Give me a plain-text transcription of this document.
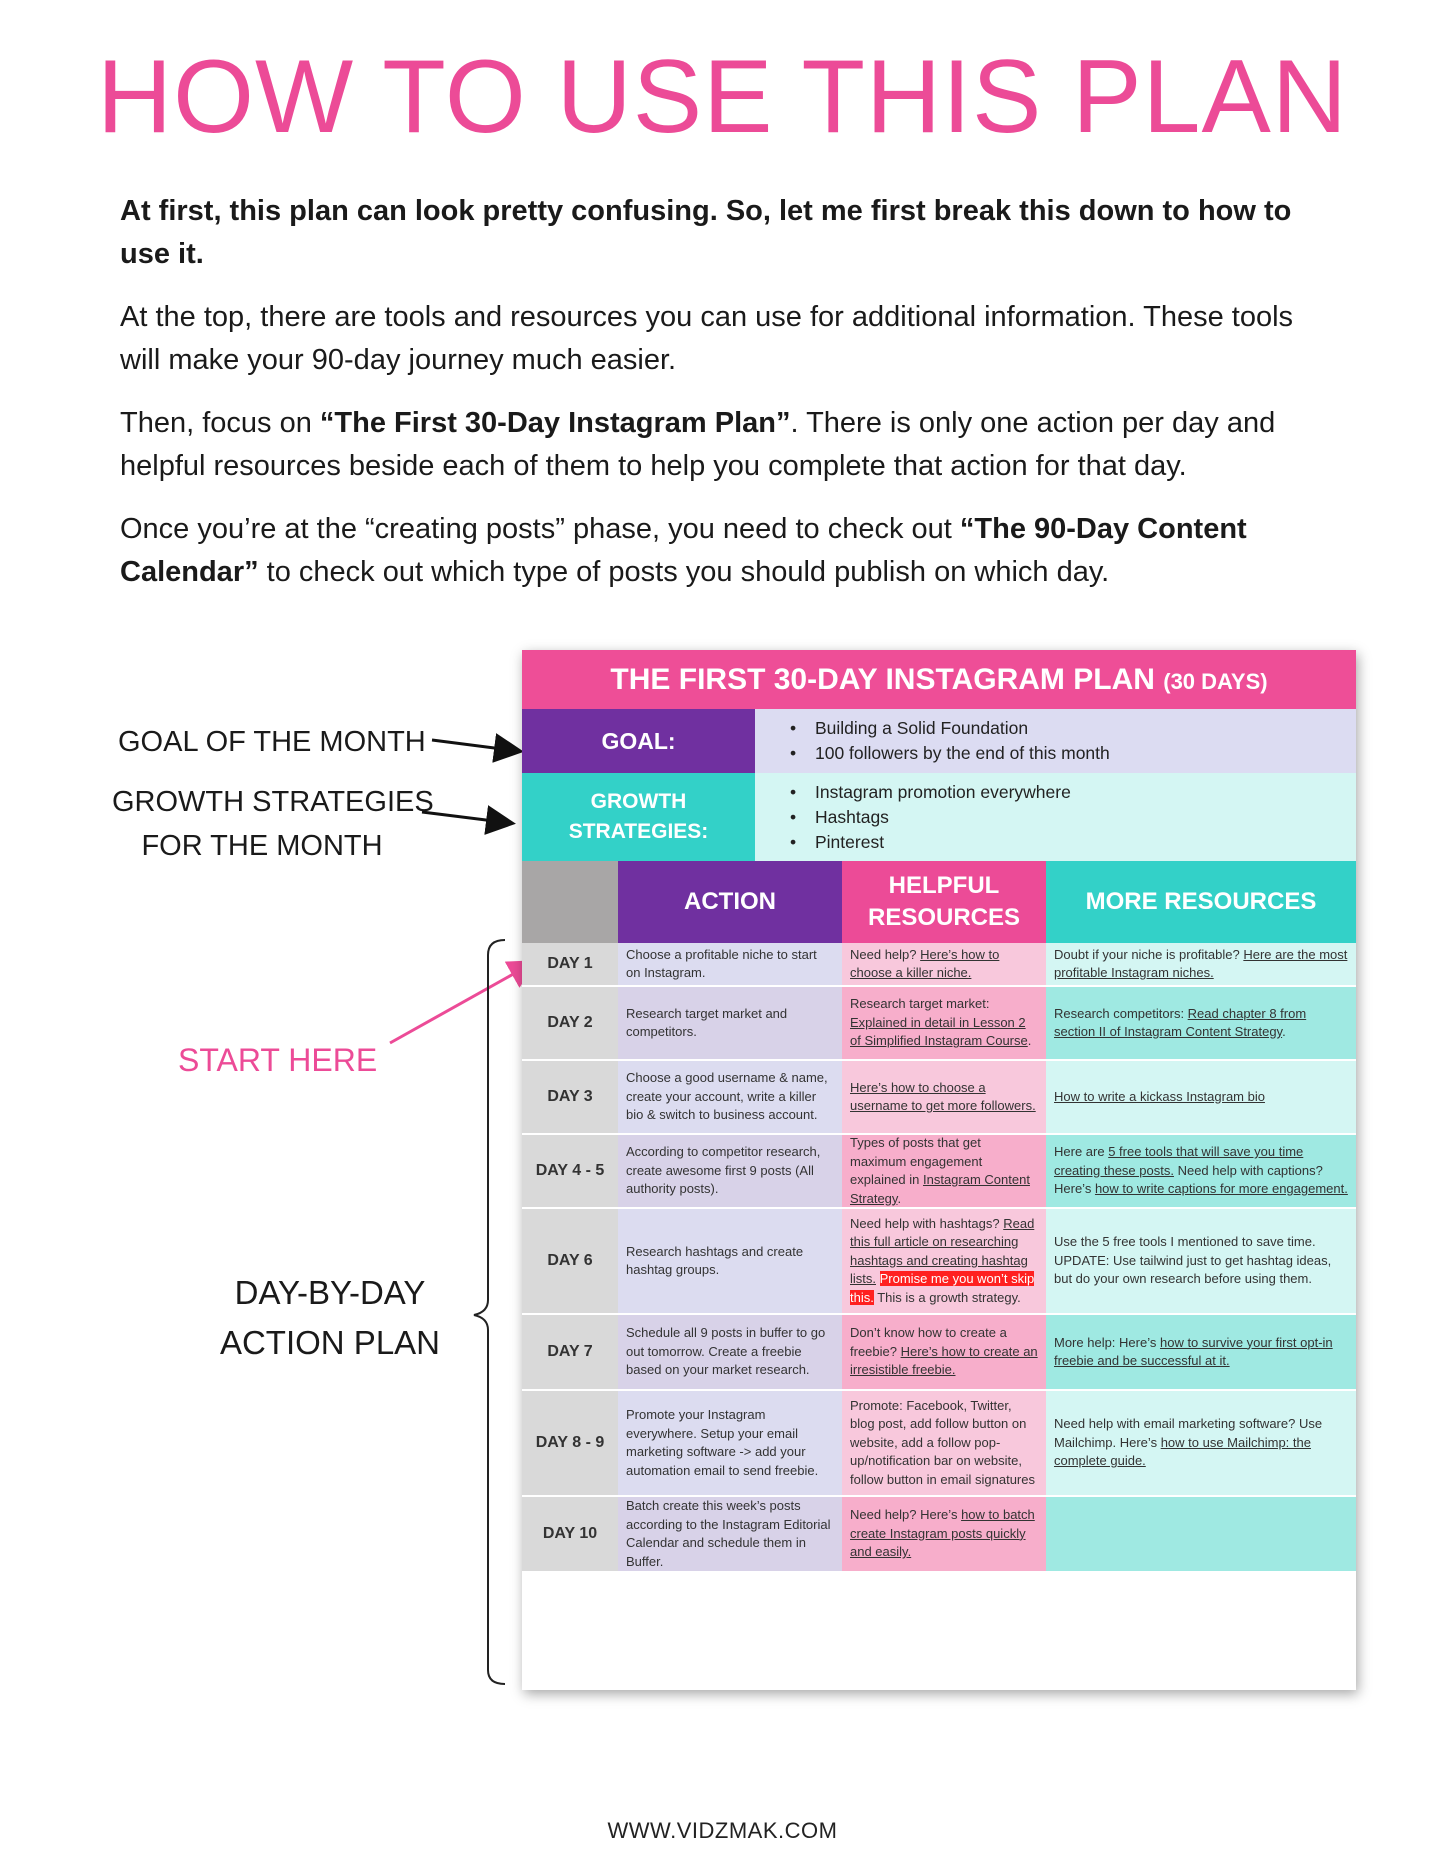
HOW TO USE THIS PLAN

At first, this plan can look pretty confusing. So, let me first break this down to how to use it.

At the top, there are tools and resources you can use for additional information. These tools will make your 90-day journey much easier.

Then, focus on “The First 30-Day Instagram Plan”. There is only one action per day and helpful resources beside each of them to help you complete that action for that day.

Once you’re at the “creating posts” phase, you need to check out “The 90-Day Content Calendar” to check out which type of posts you should publish on which day.

GOAL OF THE MONTH
GROWTH STRATEGIES
FOR THE MONTH
START HERE
DAY-BY-DAY
ACTION PLAN
THE FIRST 30-DAY INSTAGRAM PLAN (30 DAYS)
GOAL:
•	Building a Solid Foundation
• 100 followers by the end of this month
GROWTH
STRATEGIES:
• Instagram promotion everywhere
• Hashtags
• Pinterest
ACTION
HELPFUL
RESOURCES
MORE RESOURCES
DAY 1
Choose a profitable niche to start on Instagram.
Need help? Here’s how to choose a killer niche.
Doubt if your niche is profitable? Here are the most profitable Instagram niches.
DAY 2
Research target market and competitors.
Research target market: Explained in detail in Lesson 2 of Simplified Instagram Course.
Research competitors: Read chapter 8 from section II of Instagram Content Strategy.
DAY 3
Choose a good username & name, create your account, write a killer bio & switch to business account.
Here’s how to choose a username to get more followers.
How to write a kickass Instagram bio
DAY 4 - 5
According to competitor research, create awesome first 9 posts (All authority posts).
Types of posts that get maximum engagement explained in Instagram Content Strategy.
Here are 5 free tools that will save you time creating these posts. Need help with captions? Here’s how to write captions for more engagement.
DAY 6
Research hashtags and create hashtag groups.
Need help with hashtags? Read this full article on researching hashtags and creating hashtag lists. Promise me you won’t skip this. This is a growth strategy.
Use the 5 free tools I mentioned to save time. UPDATE: Use tailwind just to get hashtag ideas, but do your own research before using them.
DAY 7
Schedule all 9 posts in buffer to go out tomorrow. Create a freebie based on your market research.
Don’t know how to create a freebie? Here’s how to create an irresistible freebie.
More help: Here’s how to survive your first opt-in freebie and be successful at it.
DAY 8 - 9
Promote your Instagram everywhere. Setup your email marketing software -> add your automation email to send freebie.
Promote: Facebook, Twitter, blog post, add follow button on website, add a follow pop-up/notification bar on website, follow button in email signatures
Need help with email marketing software? Use Mailchimp. Here’s how to use Mailchimp: the complete guide.
DAY 10
Batch create this week’s posts according to the Instagram Editorial Calendar and schedule them in Buffer.
Need help? Here’s how to batch create Instagram posts quickly and easily.
WWW.VIDZMAK.COM
